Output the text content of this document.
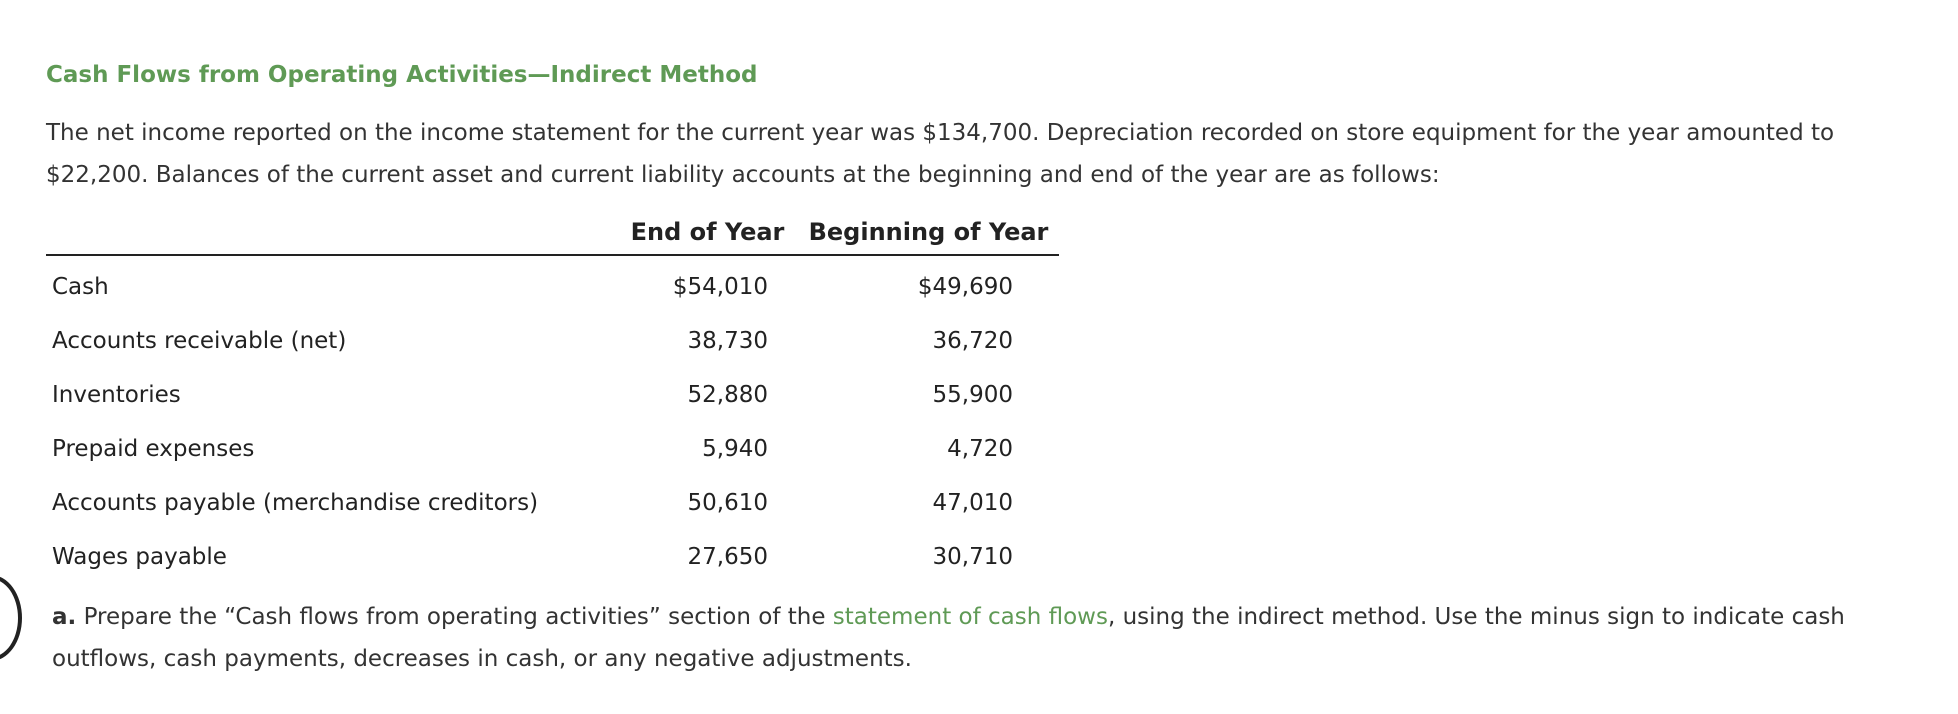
Cash Flows from Operating Activities—Indirect Method

The net income reported on the income statement for the current year was $134,700. Depreciation recorded on store equipment for the year amounted to $22,200. Balances of the current asset and current liability accounts at the beginning and end of the year are as follows:

	End of Year	Beginning of Year
Cash	$54,010	$49,690
Accounts receivable (net)	38,730	36,720
Inventories	52,880	55,900
Prepaid expenses	5,940	4,720
Accounts payable (merchandise creditors)	50,610	47,010
Wages payable	27,650	30,710

a. Prepare the “Cash flows from operating activities” section of the statement of cash flows, using the indirect method. Use the minus sign to indicate cash outflows, cash payments, decreases in cash, or any negative adjustments.
